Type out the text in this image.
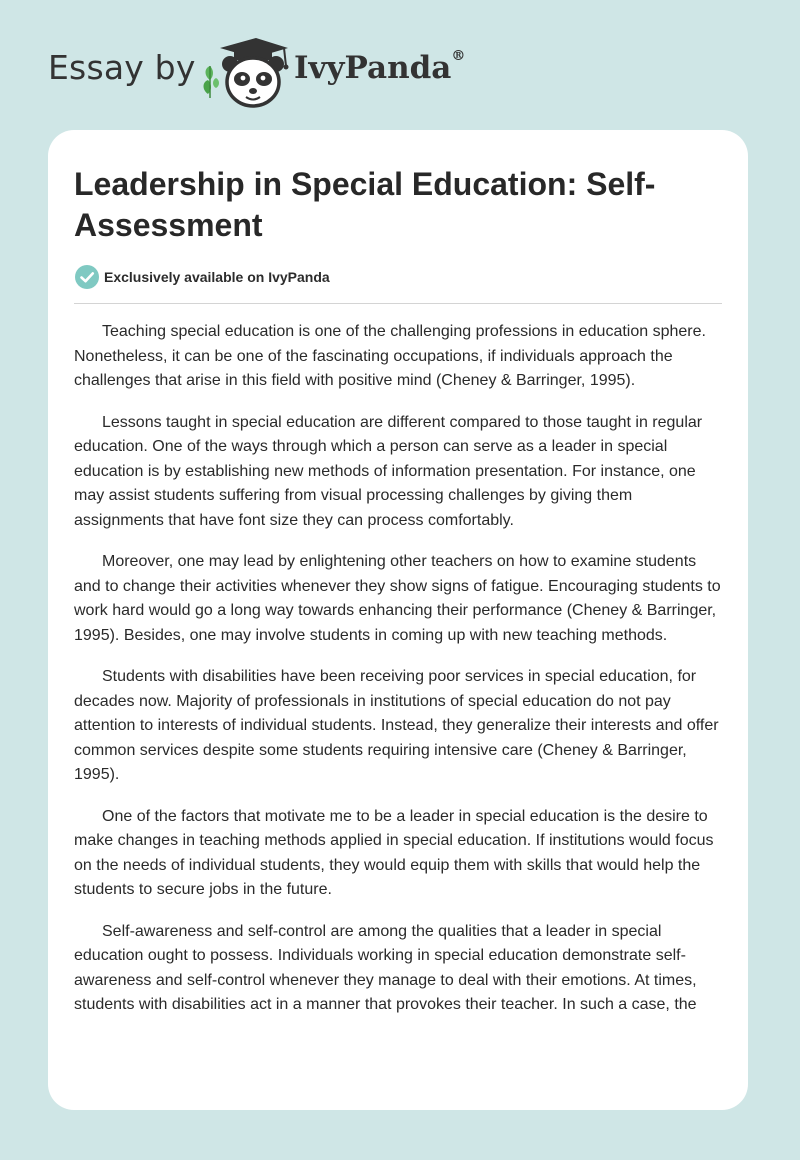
Essay by	IvyPanda®
Leadership in Special Education: Self-Assessment
Exclusively available on IvyPanda

Teaching special education is one of the challenging professions in education sphere. Nonetheless, it can be one of the fascinating occupations, if individuals approach the challenges that arise in this field with positive mind (Cheney & Barringer, 1995).

Lessons taught in special education are different compared to those taught in regular education. One of the ways through which a person can serve as a leader in special education is by establishing new methods of information presentation. For instance, one may assist students suffering from visual processing challenges by giving them assignments that have font size they can process comfortably.

Moreover, one may lead by enlightening other teachers on how to examine students and to change their activities whenever they show signs of fatigue. Encouraging students to work hard would go a long way towards enhancing their performance (Cheney & Barringer, 1995). Besides, one may involve students in coming up with new teaching methods.

Students with disabilities have been receiving poor services in special education, for decades now. Majority of professionals in institutions of special education do not pay attention to interests of individual students. Instead, they generalize their interests and offer common services despite some students requiring intensive care (Cheney & Barringer, 1995).

One of the factors that motivate me to be a leader in special education is the desire to make changes in teaching methods applied in special education. If institutions would focus on the needs of individual students, they would equip them with skills that would help the students to secure jobs in the future.

Self-awareness and self-control are among the qualities that a leader in special education ought to possess. Individuals working in special education demonstrate self-awareness and self-control whenever they manage to deal with their emotions. At times, students with disabilities act in a manner that provokes their teacher. In such a case, the
